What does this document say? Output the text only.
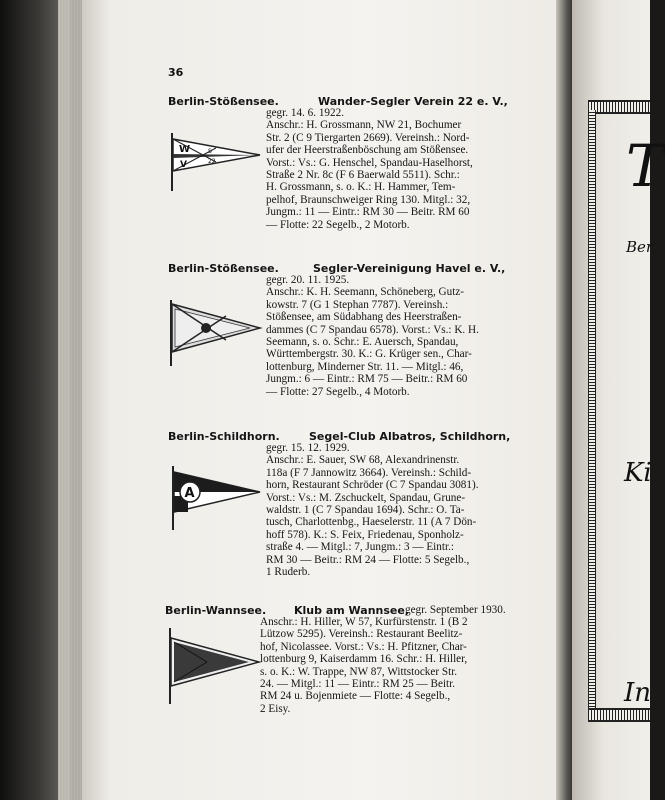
T
Ber
Ki
In
36
Berlin-Stößensee.	Wander-Segler Verein 22 e. V.,
gegr. 14. 6. 1922.
Anschr.: H. Grossmann, NW 21, Bochumer
Str. 2 (C 9 Tiergarten 2669). Vereinsh.: Nord-
ufer der Heerstraßenböschung am Stößensee.
Vorst.: Vs.: G. Henschel, Spandau-Haselhorst,
Straße 2 Nr. 8c (F 6 Baerwald 5511). Schr.:
H. Grossmann, s. o. K.: H. Hammer, Tem-
pelhof, Braunschweiger Ring 130. Mitgl.: 32,
Jungm.: 11 — Eintr.: RM 30 — Beitr. RM 60
— Flotte: 22 Segelb., 2 Motorb.
W	S
V	22
Berlin-Stößensee.	Segler-Vereinigung Havel e. V.,
gegr. 20. 11. 1925.
Anschr.: K. H. Seemann, Schöneberg, Gutz-
kowstr. 7 (G 1 Stephan 7787). Vereinsh.:
Stößensee, am Südabhang des Heerstraßen-
dammes (C 7 Spandau 6578). Vorst.: Vs.: K. H.
Seemann, s. o. Schr.: E. Auersch, Spandau,
Württembergstr. 30. K.: G. Krüger sen., Char-
lottenburg, Minderner Str. 11. — Mitgl.: 46,
Jungm.: 6 — Eintr.: RM 75 — Beitr.: RM 60
— Flotte: 27 Segelb., 4 Motorb.
Berlin-Schildhorn.	Segel-Club Albatros, Schildhorn,
gegr. 15. 12. 1929.
Anschr.: E. Sauer, SW 68, Alexandrinenstr.
118a (F 7 Jannowitz 3664). Vereinsh.: Schild-
horn, Restaurant Schröder (C 7 Spandau 3081).
Vorst.: Vs.: M. Zschuckelt, Spandau, Grune-
waldstr. 1 (C 7 Spandau 1694). Schr.: O. Ta-
tusch, Charlottenbg., Haeselerstr. 11 (A 7 Dön-
hoff 578). K.: S. Feix, Friedenau, Sponholz-
straße 4. — Mitgl.: 7, Jungm.: 3 — Eintr.:
RM 30 — Beitr.: RM 24 — Flotte: 5 Segelb.,
1 Ruderb.
A
Berlin-Wannsee.	Klub am Wannsee,
gegr. September 1930.
Anschr.: H. Hiller, W 57, Kurfürstenstr. 1 (B 2
Lützow 5295). Vereinsh.: Restaurant Beelitz-
hof, Nicolassee. Vorst.: Vs.: H. Pfitzner, Char-
lottenburg 9, Kaiserdamm 16. Schr.: H. Hiller,
s. o. K.: W. Trappe, NW 87, Wittstocker Str.
24. — Mitgl.: 11 — Eintr.: RM 25 — Beitr.
RM 24 u. Bojenmiete — Flotte: 4 Segelb.,
2 Eisy.
